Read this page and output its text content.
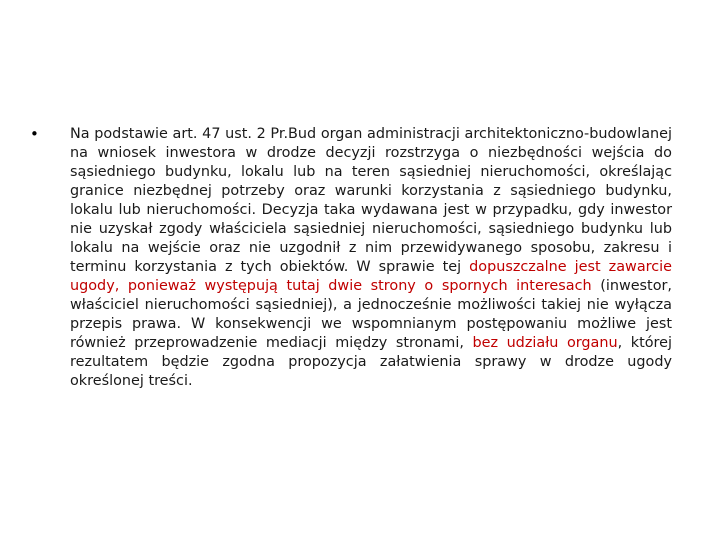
• Na podstawie art. 47 ust. 2 Pr.Bud organ administracji architektoniczno-budowlanej na wniosek inwestora w drodze decyzji rozstrzyga o niezbędności wejścia do sąsiedniego budynku, lokalu lub na teren sąsiedniej nieruchomości, określając granice niezbędnej potrzeby oraz warunki korzystania z sąsiedniego budynku, lokalu lub nieruchomości. Decyzja taka wydawana jest w przypadku, gdy inwestor nie uzyskał zgody właściciela sąsiedniej nieruchomości, sąsiedniego budynku lub lokalu na wejście oraz nie uzgodnił z nim przewidywanego sposobu, zakresu i terminu korzystania z tych obiektów. W sprawie tej dopuszczalne jest zawarcie ugody, ponieważ występują tutaj dwie strony o spornych interesach (inwestor, właściciel nieruchomości sąsiedniej), a jednocześnie możliwości takiej nie wyłącza przepis prawa. W konsekwencji we wspomnianym postępowaniu możliwe jest również przeprowadzenie mediacji między stronami, bez udziału organu, której rezultatem będzie zgodna propozycja załatwienia sprawy w drodze ugody określonej treści.
